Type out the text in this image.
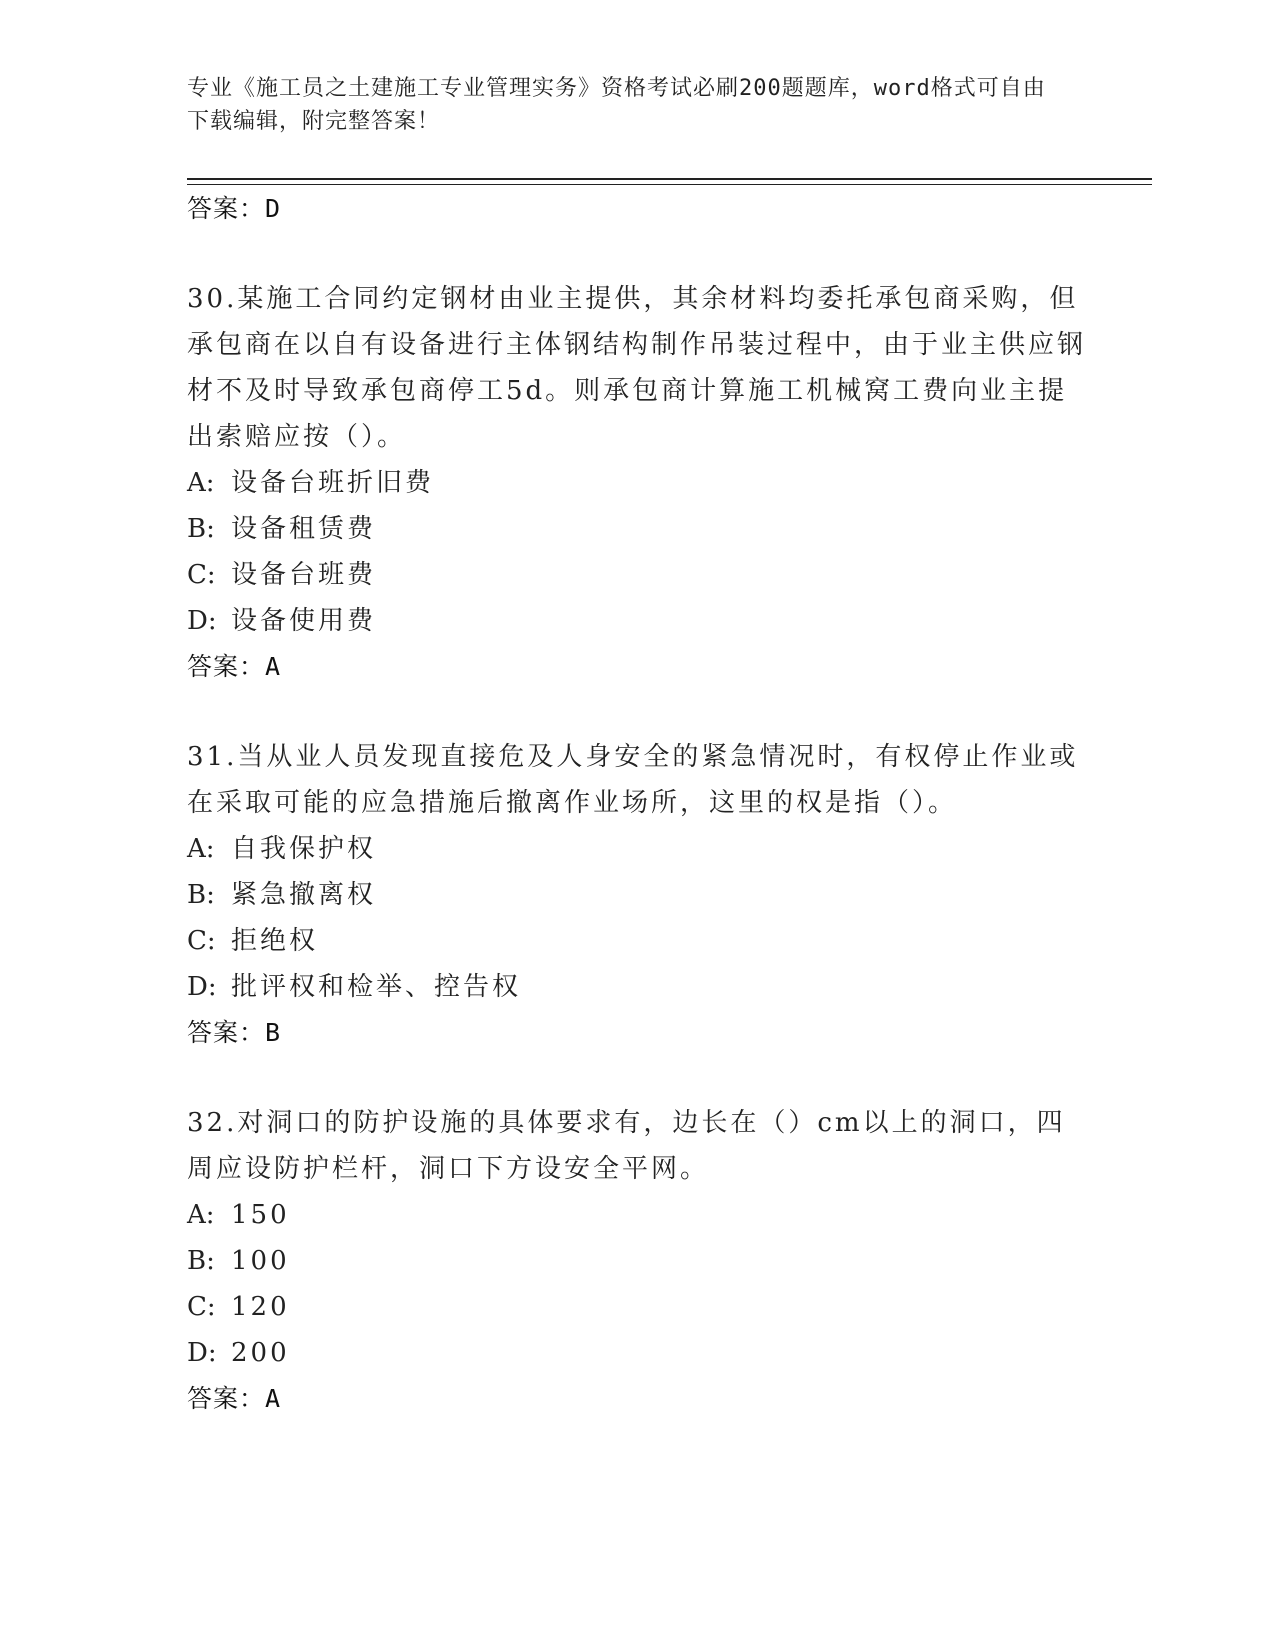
专业《施工员之土建施工专业管理实务》资格考试必刷200题题库，word格式可自由下载编辑，附完整答案！
答案：D
30.某施工合同约定钢材由业主提供，其余材料均委托承包商采购，但承包商在以自有设备进行主体钢结构制作吊装过程中，由于业主供应钢材不及时导致承包商停工5d。则承包商计算施工机械窝工费向业主提出索赔应按（）。
A: 设备台班折旧费
B: 设备租赁费
C: 设备台班费
D: 设备使用费
答案：A
31.当从业人员发现直接危及人身安全的紧急情况时，有权停止作业或在采取可能的应急措施后撤离作业场所，这里的权是指（）。
A: 自我保护权
B: 紧急撤离权
C: 拒绝权
D: 批评权和检举、控告权
答案：B
32.对洞口的防护设施的具体要求有，边长在（）cm以上的洞口，四周应设防护栏杆，洞口下方设安全平网。
A: 150
B: 100
C: 120
D: 200
答案：A
